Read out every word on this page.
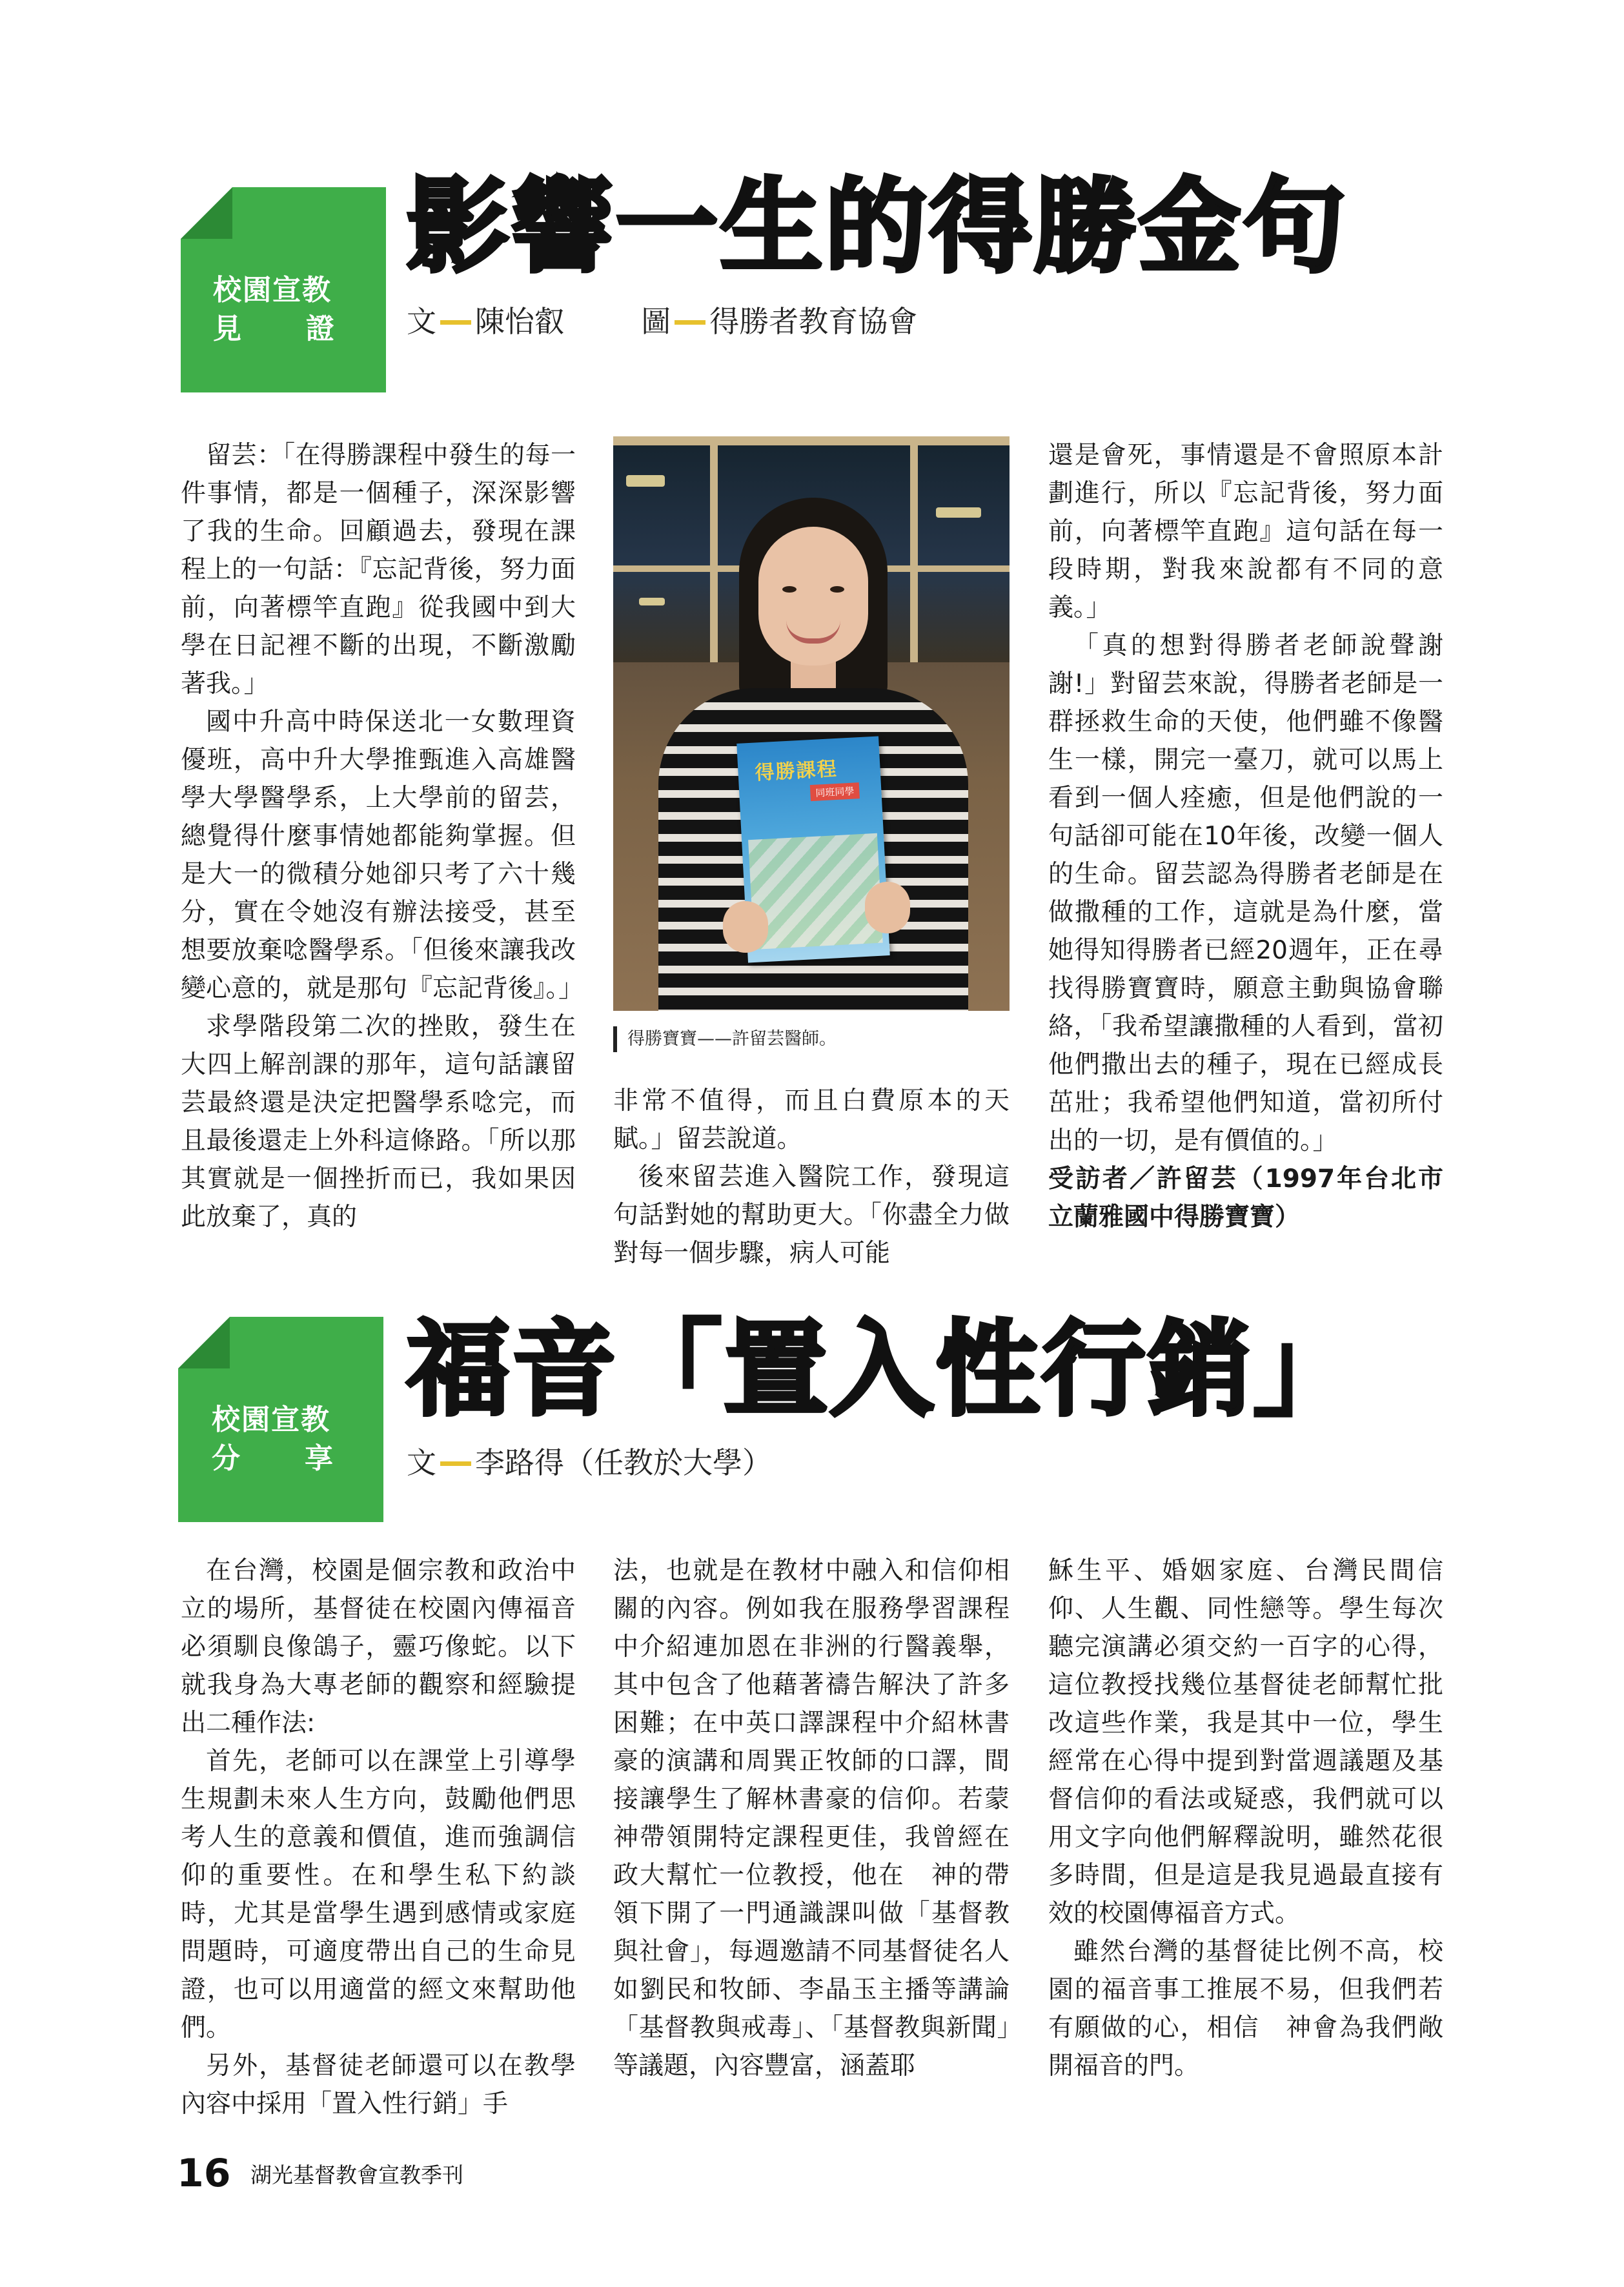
校園宣教
見 證
影響一生的得勝金句
文 陳怡叡	圖 得勝者教育協會

留芸：「在得勝課程中發生的每一件事情，都是一個種子，深深影響了我的生命。回顧過去，發現在課程上的一句話：『忘記背後，努力面前，向著標竿直跑』從我國中到大學在日記裡不斷的出現，不斷激勵著我。」

國中升高中時保送北一女數理資優班，高中升大學推甄進入高雄醫學大學醫學系，上大學前的留芸，總覺得什麼事情她都能夠掌握。但是大一的微積分她卻只考了六十幾分，實在令她沒有辦法接受，甚至想要放棄唸醫學系。「但後來讓我改變心意的，就是那句『忘記背後』。」

求學階段第二次的挫敗，發生在大四上解剖課的那年，這句話讓留芸最終還是決定把醫學系唸完，而且最後還走上外科這條路。「所以那其實就是一個挫折而已，我如果因此放棄了，真的

得勝課程
同班同學
得勝寶寶——許留芸醫師。

非常不值得，而且白費原本的天賦。」留芸說道。

後來留芸進入醫院工作，發現這句話對她的幫助更大。「你盡全力做對每一個步驟，病人可能

還是會死，事情還是不會照原本計劃進行，所以『忘記背後，努力面前，向著標竿直跑』這句話在每一段時期，對我來說都有不同的意義。」

「真的想對得勝者老師說聲謝謝!」對留芸來說，得勝者老師是一群拯救生命的天使，他們雖不像醫生一樣，開完一臺刀，就可以馬上看到一個人痊癒，但是他們說的一句話卻可能在10年後，改變一個人的生命。留芸認為得勝者老師是在做撒種的工作，這就是為什麼，當她得知得勝者已經20週年，正在尋找得勝寶寶時，願意主動與協會聯絡，「我希望讓撒種的人看到，當初他們撒出去的種子，現在已經成長茁壯；我希望他們知道，當初所付出的一切，是有價值的。」

受訪者／許留芸（1997年台北市立蘭雅國中得勝寶寶）

校園宣教
分 享
福音「置入性行銷」
文 李路得（任教於大學）

在台灣，校園是個宗教和政治中立的場所，基督徒在校園內傳福音必須馴良像鴿子，靈巧像蛇。以下就我身為大專老師的觀察和經驗提出二種作法:

首先，老師可以在課堂上引導學生規劃未來人生方向，鼓勵他們思考人生的意義和價值，進而強調信仰的重要性。在和學生私下約談時，尤其是當學生遇到感情或家庭問題時，可適度帶出自己的生命見證，也可以用適當的經文來幫助他們。

另外，基督徒老師還可以在教學內容中採用「置入性行銷」手

法，也就是在教材中融入和信仰相關的內容。例如我在服務學習課程中介紹連加恩在非洲的行醫義舉，其中包含了他藉著禱告解決了許多困難；在中英口譯課程中介紹林書豪的演講和周巽正牧師的口譯，間接讓學生了解林書豪的信仰。若蒙　神帶領開特定課程更佳，我曾經在政大幫忙一位教授，他在　神的帶領下開了一門通識課叫做「基督教與社會」，每週邀請不同基督徒名人如劉民和牧師、李晶玉主播等講論「基督教與戒毒」、「基督教與新聞」等議題，內容豐富，涵蓋耶

穌生平、婚姻家庭、台灣民間信仰、人生觀、同性戀等。學生每次聽完演講必須交約一百字的心得，這位教授找幾位基督徒老師幫忙批改這些作業，我是其中一位，學生經常在心得中提到對當週議題及基督信仰的看法或疑惑，我們就可以用文字向他們解釋說明，雖然花很多時間，但是這是我見過最直接有效的校園傳福音方式。

雖然台灣的基督徒比例不高，校園的福音事工推展不易，但我們若有願做的心，相信　神會為我們敞開福音的門。

16 湖光基督教會宣教季刊
